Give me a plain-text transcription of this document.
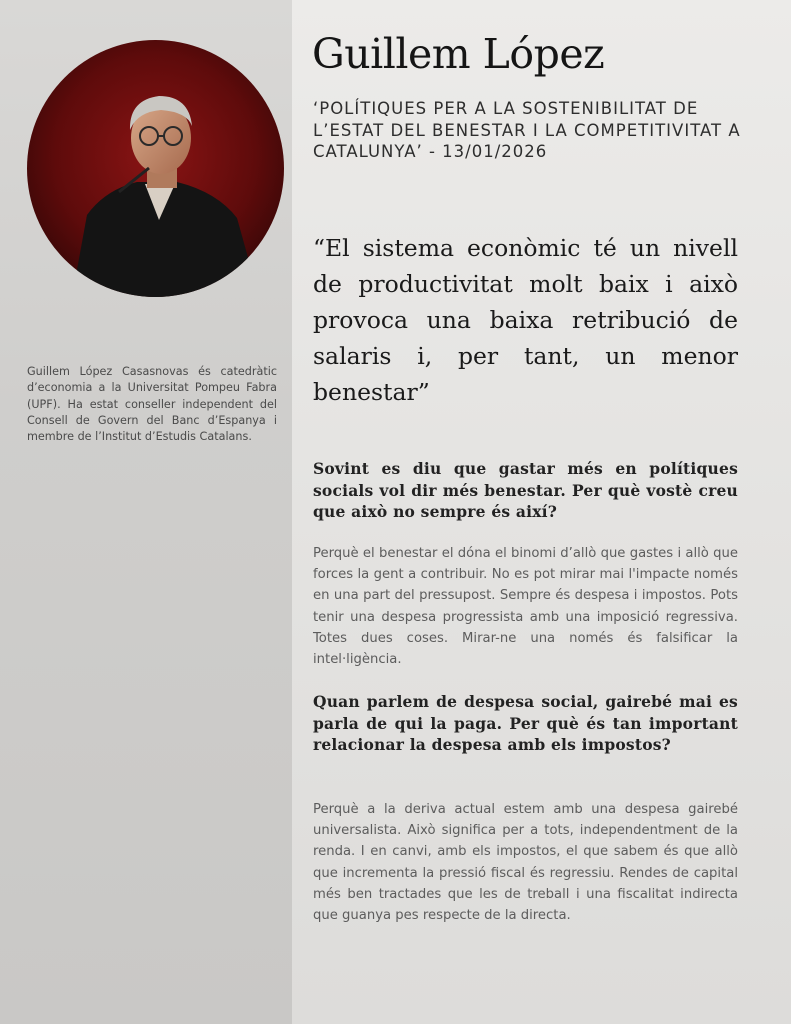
Guillem López Casasnovas és catedràtic d’economia a la Universitat Pompeu Fabra (UPF). Ha estat conseller independent del Consell de Govern del Banc d’Espanya i membre de l’Institut d’Estudis Catalans.

Guillem López

‘POLÍTIQUES PER A LA SOSTENIBILITAT DE L’ESTAT DEL BENESTAR I LA COMPETITIVITAT A CATALUNYA’ - 13/01/2026

“El sistema econòmic té un nivell de productivitat molt baix i això provoca una baixa retribució de salaris i, per tant, un menor benestar”

Sovint es diu que gastar més en polítiques socials vol dir més benestar. Per què vostè creu que això no sempre és així?

Perquè el benestar el dóna el binomi d’allò que gastes i allò que forces la gent a contribuir. No es pot mirar mai l'impacte només en una part del pressupost. Sempre és despesa i impostos. Pots tenir una despesa progressista amb una imposició regressiva. Totes dues coses. Mirar-ne una només és falsificar la intel·ligència.

Quan parlem de despesa social, gairebé mai es parla de qui la paga. Per què és tan important relacionar la despesa amb els impostos?

Perquè a la deriva actual estem amb una despesa gairebé universalista. Això significa per a tots, independentment de la renda. I en canvi, amb els impostos, el que sabem és que allò que incrementa la pressió fiscal és regressiu. Rendes de capital més ben tractades que les de treball i una fiscalitat indirecta que guanya pes respecte de la directa.
